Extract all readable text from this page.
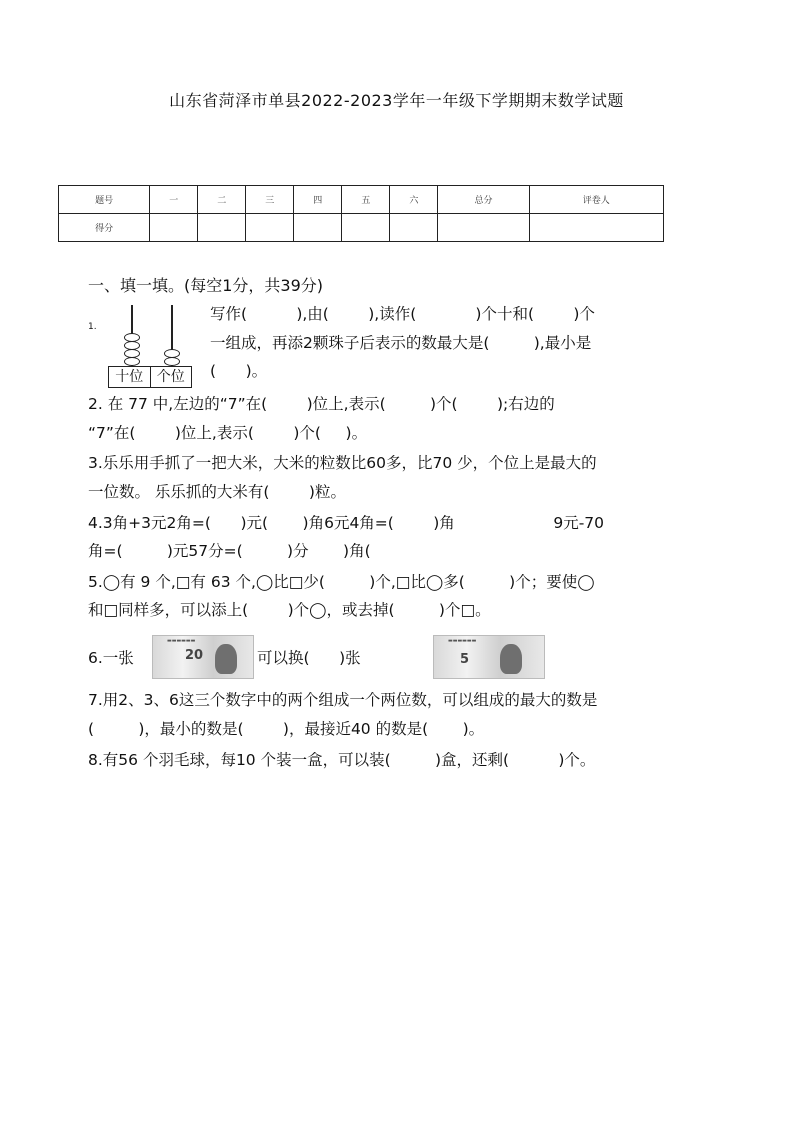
山东省菏泽市单县2022-2023学年一年级下学期期末数学试题
题号	一	二	三	四	五	六	总分	评卷人
得分								
一、填一填。(每空1分，共39分)
1.
十位 个位
写作(          ),由(        ),读作(            )个十和(        )个
一组成，再添2颗珠子后表示的数最大是(         ),最小是
(      )。
2. 在 77 中,左边的“7”在(        )位上,表示(         )个(        );右边的
“7”在(        )位上,表示(        )个(     )。
3.乐乐用手抓了一把大米，大米的粒数比60多，比70 少，个位上是最大的
一位数。 乐乐抓的大米有(        )粒。
4.3角+3元2角=(      )元(       )角6元4角=(        )角                    9元-70
角=(         )元57分=(         )分       )角(
5.◯有 9 个,□有 63 个,◯比□少(         )个,□比◯多(         )个；要使◯
和□同样多，可以添上(        )个◯，或去掉(         )个□。
6.一张
▬▬▬▬▬▬
20	可以换(      )张
▬▬▬▬▬▬
5
7.用2、3、6这三个数字中的两个组成一个两位数，可以组成的最大的数是
(         )，最小的数是(        )，最接近40 的数是(       )。
8.有56 个羽毛球，每10 个装一盒，可以装(         )盒，还剩(          )个。
